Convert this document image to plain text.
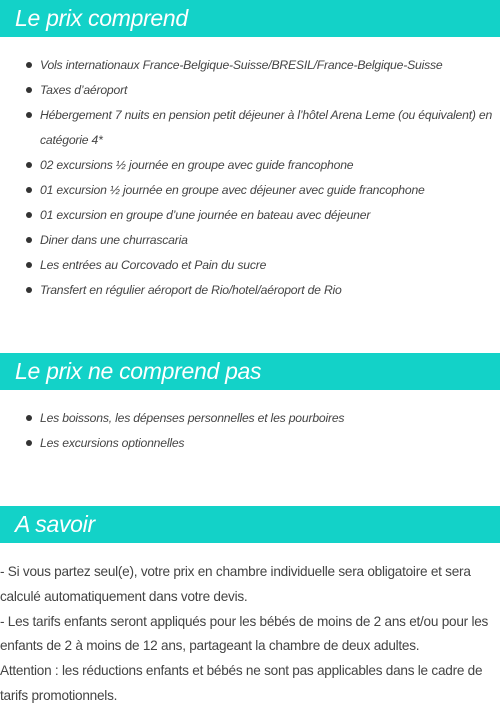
Le prix comprend
Vols internationaux France-Belgique-Suisse/BRESIL/France-Belgique-Suisse
Taxes d’aéroport
Hébergement 7 nuits en pension petit déjeuner à l’hôtel Arena Leme (ou équivalent) en catégorie 4*
02 excursions ½ journée en groupe avec guide francophone
01 excursion ½ journée en groupe avec déjeuner avec guide francophone
01 excursion en groupe d’une journée en bateau avec déjeuner
Diner dans une churrascaria
Les entrées au Corcovado et Pain du sucre
Transfert en régulier aéroport de Rio/hotel/aéroport de Rio
Le prix ne comprend pas
Les boissons, les dépenses personnelles et les pourboires
Les excursions optionnelles
A savoir

- Si vous partez seul(e), votre prix en chambre individuelle sera obligatoire et sera calculé automatiquement dans votre devis.

- Les tarifs enfants seront appliqués pour les bébés de moins de 2 ans et/ou pour les enfants de 2 à moins de 12 ans, partageant la chambre de deux adultes.

Attention : les réductions enfants et bébés ne sont pas applicables dans le cadre de tarifs promotionnels.
